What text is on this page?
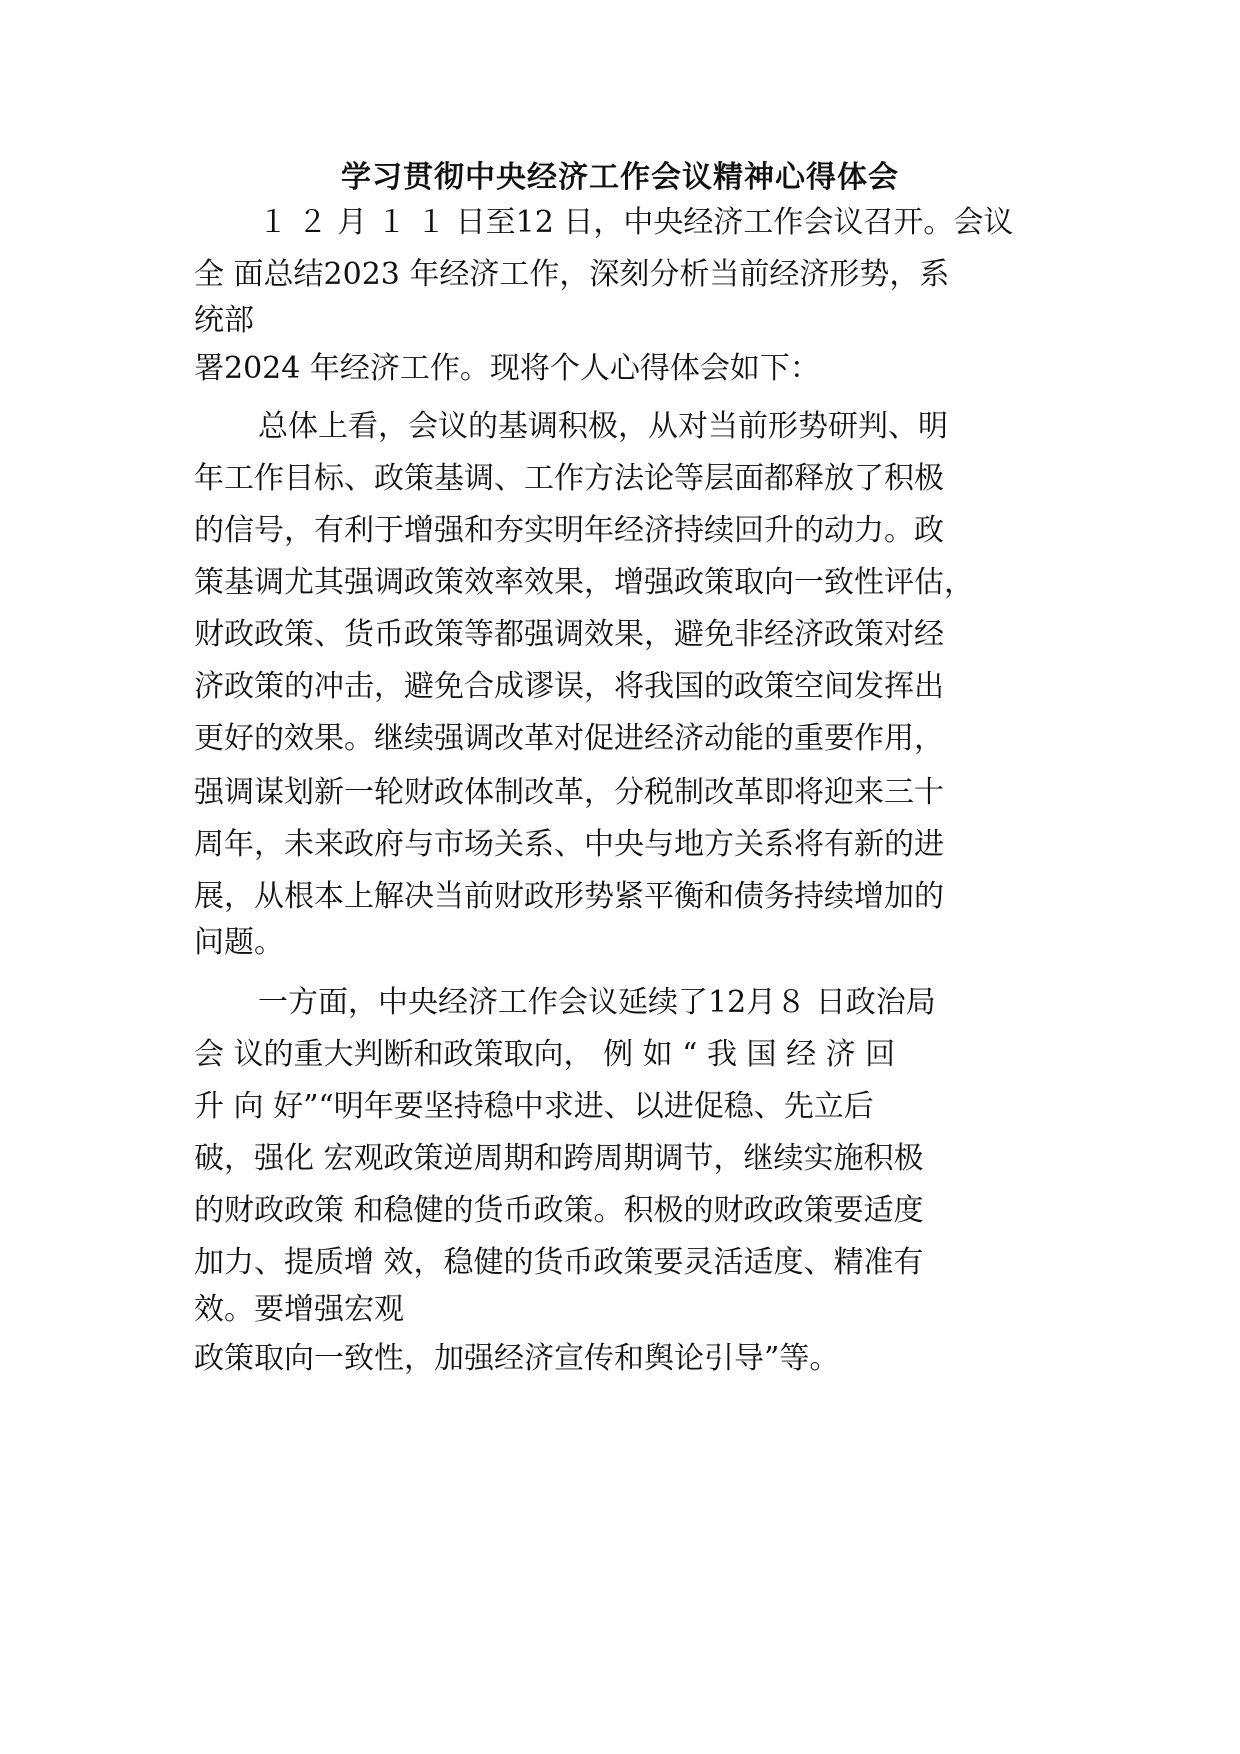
学习贯彻中央经济工作会议精神心得体会
１ ２ 月 １ １ 日至12 日，中央经济工作会议召开。会议
全 面总结2023 年经济工作，深刻分析当前经济形势，系
统部
署2024 年经济工作。现将个人心得体会如下：
总体上看，会议的基调积极，从对当前形势研判、明
年工作目标、政策基调、工作方法论等层面都释放了积极
的信号，有利于增强和夯实明年经济持续回升的动力。政
策基调尤其强调政策效率效果，增强政策取向一致性评估，
财政政策、货币政策等都强调效果，避免非经济政策对经
济政策的冲击，避免合成谬误，将我国的政策空间发挥出
更好的效果。继续强调改革对促进经济动能的重要作用，
强调谋划新一轮财政体制改革，分税制改革即将迎来三十
周年，未来政府与市场关系、中央与地方关系将有新的进
展，从根本上解决当前财政形势紧平衡和债务持续增加的
问题。
一方面，中央经济工作会议延续了12月８ 日政治局
会 议的重大判断和政策取向， 例 如 “ 我 国 经 济 回
升 向 好”“明年要坚持稳中求进、以进促稳、先立后
破，强化 宏观政策逆周期和跨周期调节，继续实施积极
的财政政策 和稳健的货币政策。积极的财政政策要适度
加力、提质增 效，稳健的货币政策要灵活适度、精准有
效。要增强宏观
政策取向一致性，加强经济宣传和舆论引导”等。
